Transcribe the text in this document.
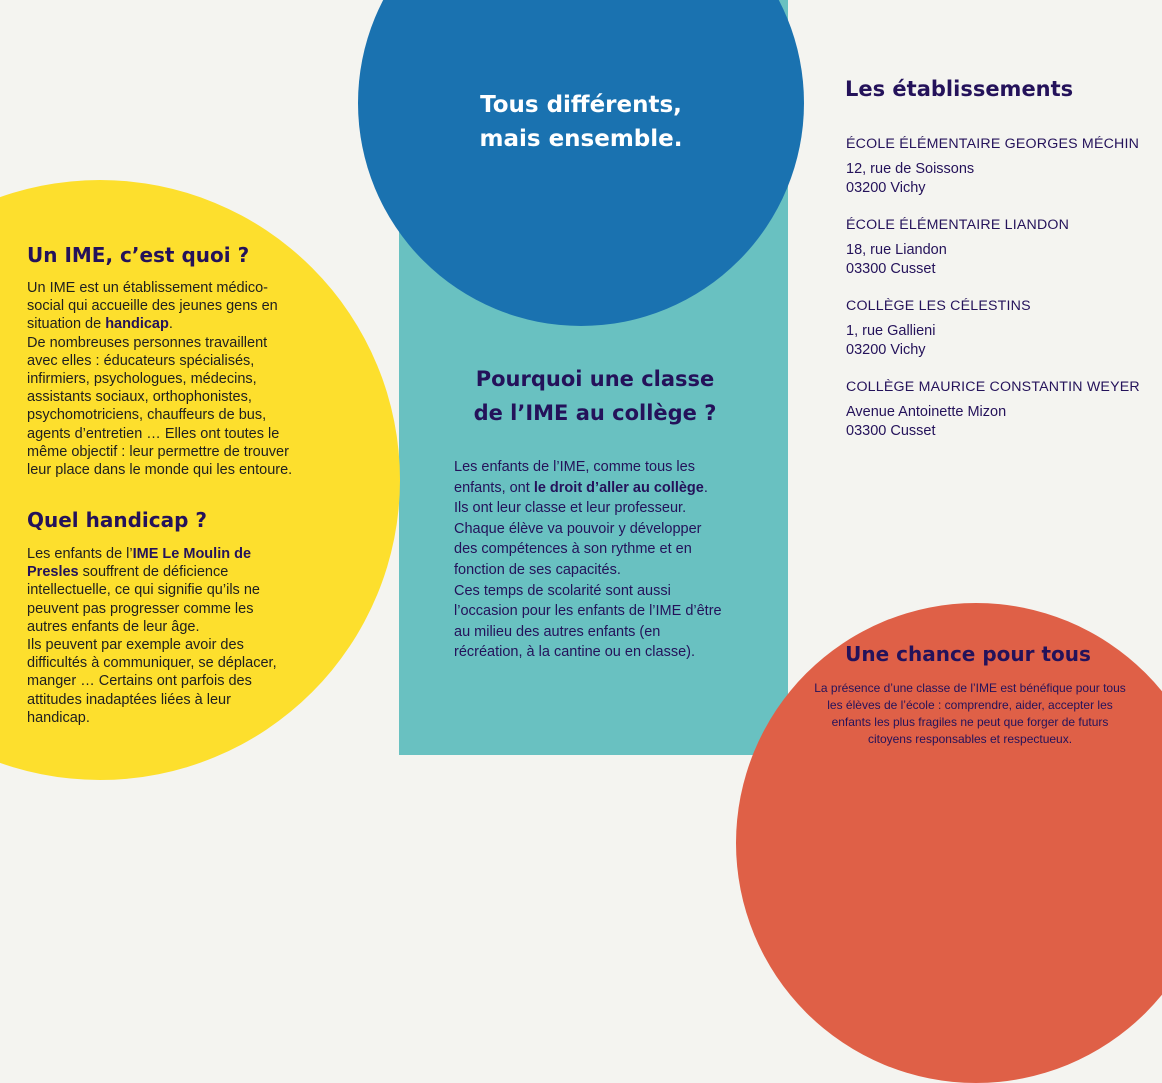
Tous différents,
mais ensemble.
Un IME, c’est quoi ?
Un IME est un établissement médico-social qui accueille des jeunes gens en situation de handicap.
De nombreuses personnes travaillent avec elles : éducateurs spécialisés, infirmiers, psychologues, médecins, assistants sociaux, orthophonistes, psychomotriciens, chauffeurs de bus, agents d’entretien … Elles ont toutes le même objectif : leur permettre de trouver leur place dans le monde qui les entoure.
Quel handicap ?
Les enfants de l’IME Le Moulin de Presles souffrent de déficience intellectuelle, ce qui signifie qu’ils ne peuvent pas progresser comme les autres enfants de leur âge.
Ils peuvent par exemple avoir des difficultés à communiquer, se déplacer, manger … Certains ont parfois des attitudes inadaptées liées à leur handicap.
Pourquoi une classe
de l’IME au collège ?
Les enfants de l’IME, comme tous les enfants, ont le droit d’aller au collège.
Ils ont leur classe et leur professeur. Chaque élève va pouvoir y développer des compétences à son rythme et en fonction de ses capacités.
Ces temps de scolarité sont aussi l’occasion pour les enfants de l’IME d’être au milieu des autres enfants (en récréation, à la cantine ou en classe).
Les établissements
ÉCOLE ÉLÉMENTAIRE GEORGES MÉCHIN
12, rue de Soissons
03200 Vichy
ÉCOLE ÉLÉMENTAIRE LIANDON
18, rue Liandon
03300 Cusset
COLLÈGE LES CÉLESTINS
1, rue Gallieni
03200 Vichy
COLLÈGE MAURICE CONSTANTIN WEYER
Avenue Antoinette Mizon
03300 Cusset
Une chance pour tous
La présence d’une classe de l’IME est bénéfique pour tous les élèves de l’école : comprendre, aider, accepter les enfants les plus fragiles ne peut que forger de futurs citoyens responsables et respectueux.
